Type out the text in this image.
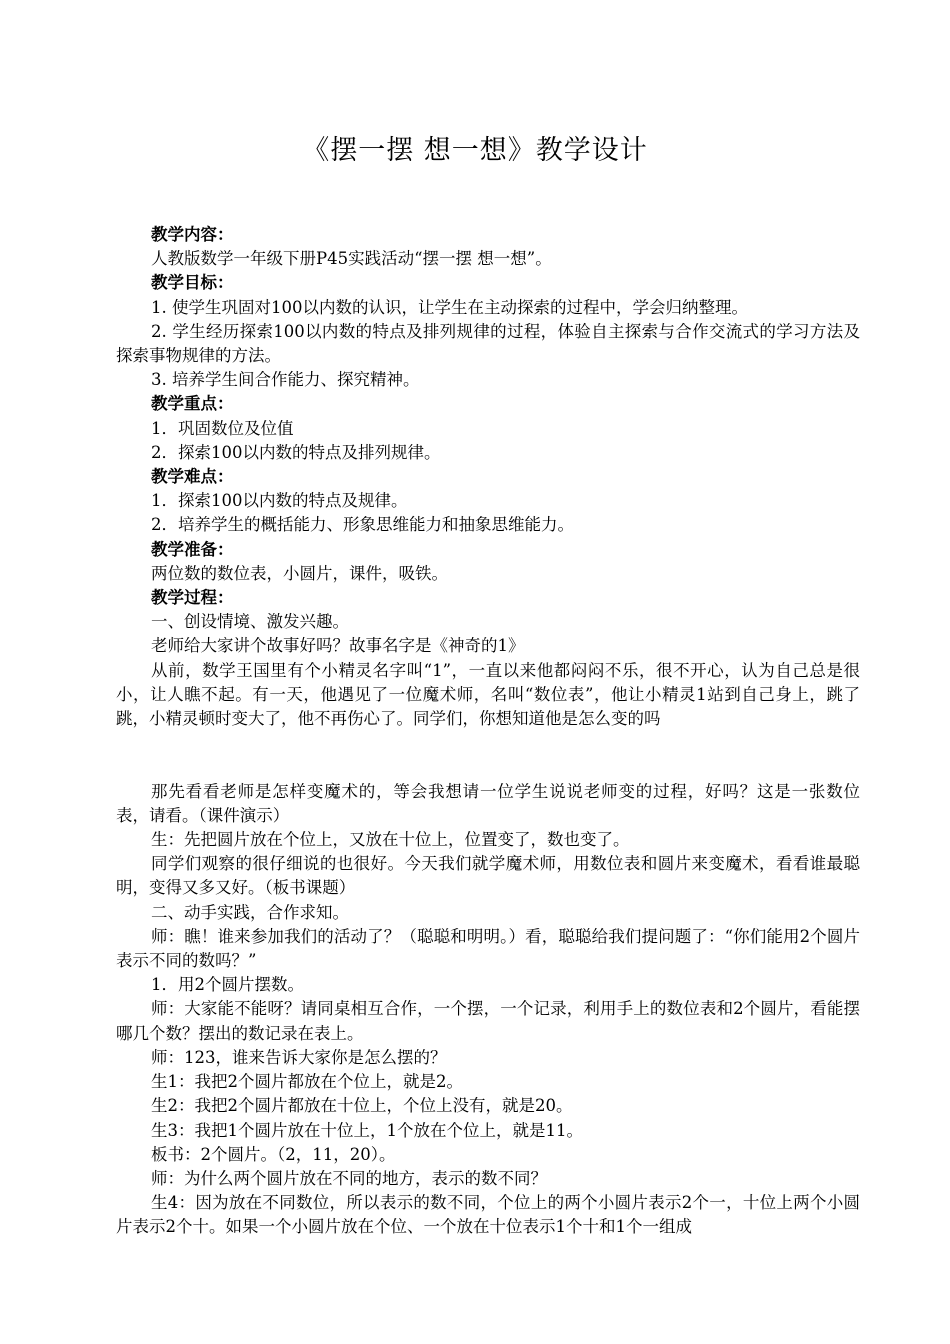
《摆一摆 想一想》教学设计

教学内容：

人教版数学一年级下册P45实践活动“摆一摆 想一想”。

教学目标：

1. 使学生巩固对100以内数的认识，让学生在主动探索的过程中，学会归纳整理。

2. 学生经历探索100以内数的特点及排列规律的过程，体验自主探索与合作交流式的学习方法及探索事物规律的方法。

3. 培养学生间合作能力、探究精神。

教学重点：

1．巩固数位及位值

2．探索100以内数的特点及排列规律。

教学难点：

1．探索100以内数的特点及规律。

2．培养学生的概括能力、形象思维能力和抽象思维能力。

教学准备：

两位数的数位表，小圆片，课件，吸铁。

教学过程：

一、创设情境、激发兴趣。

老师给大家讲个故事好吗？故事名字是《神奇的1》

从前，数学王国里有个小精灵名字叫“1”，一直以来他都闷闷不乐，很不开心，认为自己总是很小，让人瞧不起。有一天，他遇见了一位魔术师，名叫“数位表”，他让小精灵1站到自己身上，跳了跳，小精灵顿时变大了，他不再伤心了。同学们，你想知道他是怎么变的吗

那先看看老师是怎样变魔术的，等会我想请一位学生说说老师变的过程，好吗？这是一张数位表，请看。（课件演示）

生：先把圆片放在个位上，又放在十位上，位置变了，数也变了。

同学们观察的很仔细说的也很好。今天我们就学魔术师，用数位表和圆片来变魔术，看看谁最聪明，变得又多又好。（板书课题）

二、动手实践，合作求知。

师：瞧！谁来参加我们的活动了？（聪聪和明明。）看，聪聪给我们提问题了：“你们能用2个圆片表示不同的数吗？”

1．用2个圆片摆数。

师：大家能不能呀？请同桌相互合作，一个摆，一个记录，利用手上的数位表和2个圆片，看能摆哪几个数？摆出的数记录在表上。

师：123，谁来告诉大家你是怎么摆的？

生1：我把2个圆片都放在个位上，就是2。

生2：我把2个圆片都放在十位上，个位上没有，就是20。

生3：我把1个圆片放在十位上，1个放在个位上，就是11。

板书：2个圆片。（2，11，20）。

师：为什么两个圆片放在不同的地方，表示的数不同？

生4：因为放在不同数位，所以表示的数不同，个位上的两个小圆片表示2个一，十位上两个小圆片表示2个十。如果一个小圆片放在个位、一个放在十位表示1个十和1个一组成
